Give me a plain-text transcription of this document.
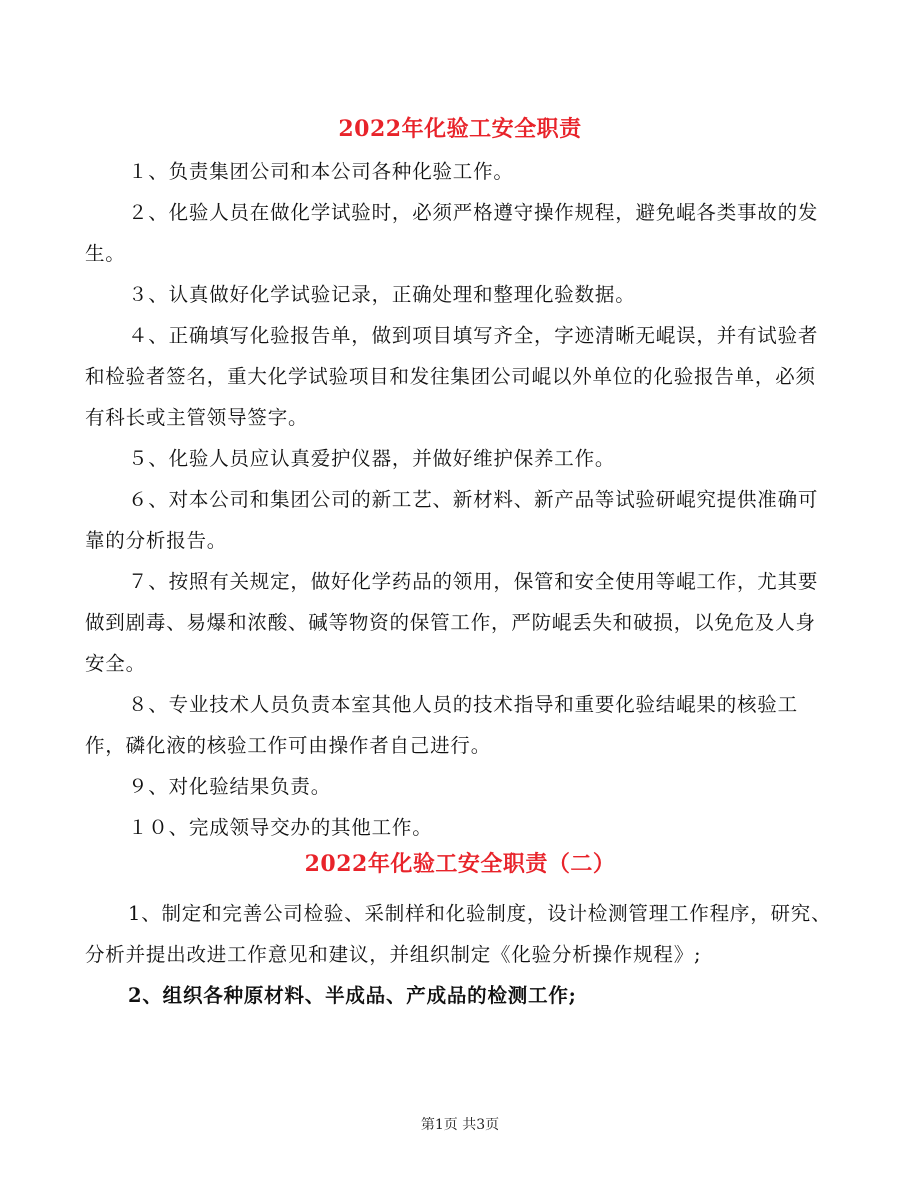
2022年化验工安全职责
１、负责集团公司和本公司各种化验工作。
２、化验人员在做化学试验时，必须严格遵守操作规程，避免崐各类事故的发生。
３、认真做好化学试验记录，正确处理和整理化验数据。
４、正确填写化验报告单，做到项目填写齐全，字迹清晰无崐误，并有试验者和检验者签名，重大化学试验项目和发往集团公司崐以外单位的化验报告单，必须有科长或主管领导签字。
５、化验人员应认真爱护仪器，并做好维护保养工作。
６、对本公司和集团公司的新工艺、新材料、新产品等试验研崐究提供准确可靠的分析报告。
７、按照有关规定，做好化学药品的领用，保管和安全使用等崐工作，尤其要做到剧毒、易爆和浓酸、碱等物资的保管工作，严防崐丢失和破损，以免危及人身安全。
８、专业技术人员负责本室其他人员的技术指导和重要化验结崐果的核验工作，磷化液的核验工作可由操作者自己进行。
９、对化验结果负责。
１０、完成领导交办的其他工作。
2022年化验工安全职责（二）
1、制定和完善公司检验、采制样和化验制度，设计检测管理工作程序，研究、分析并提出改进工作意见和建议，并组织制定《化验分析操作规程》;
2、组织各种原材料、半成品、产成品的检测工作;
第1页 共3页
